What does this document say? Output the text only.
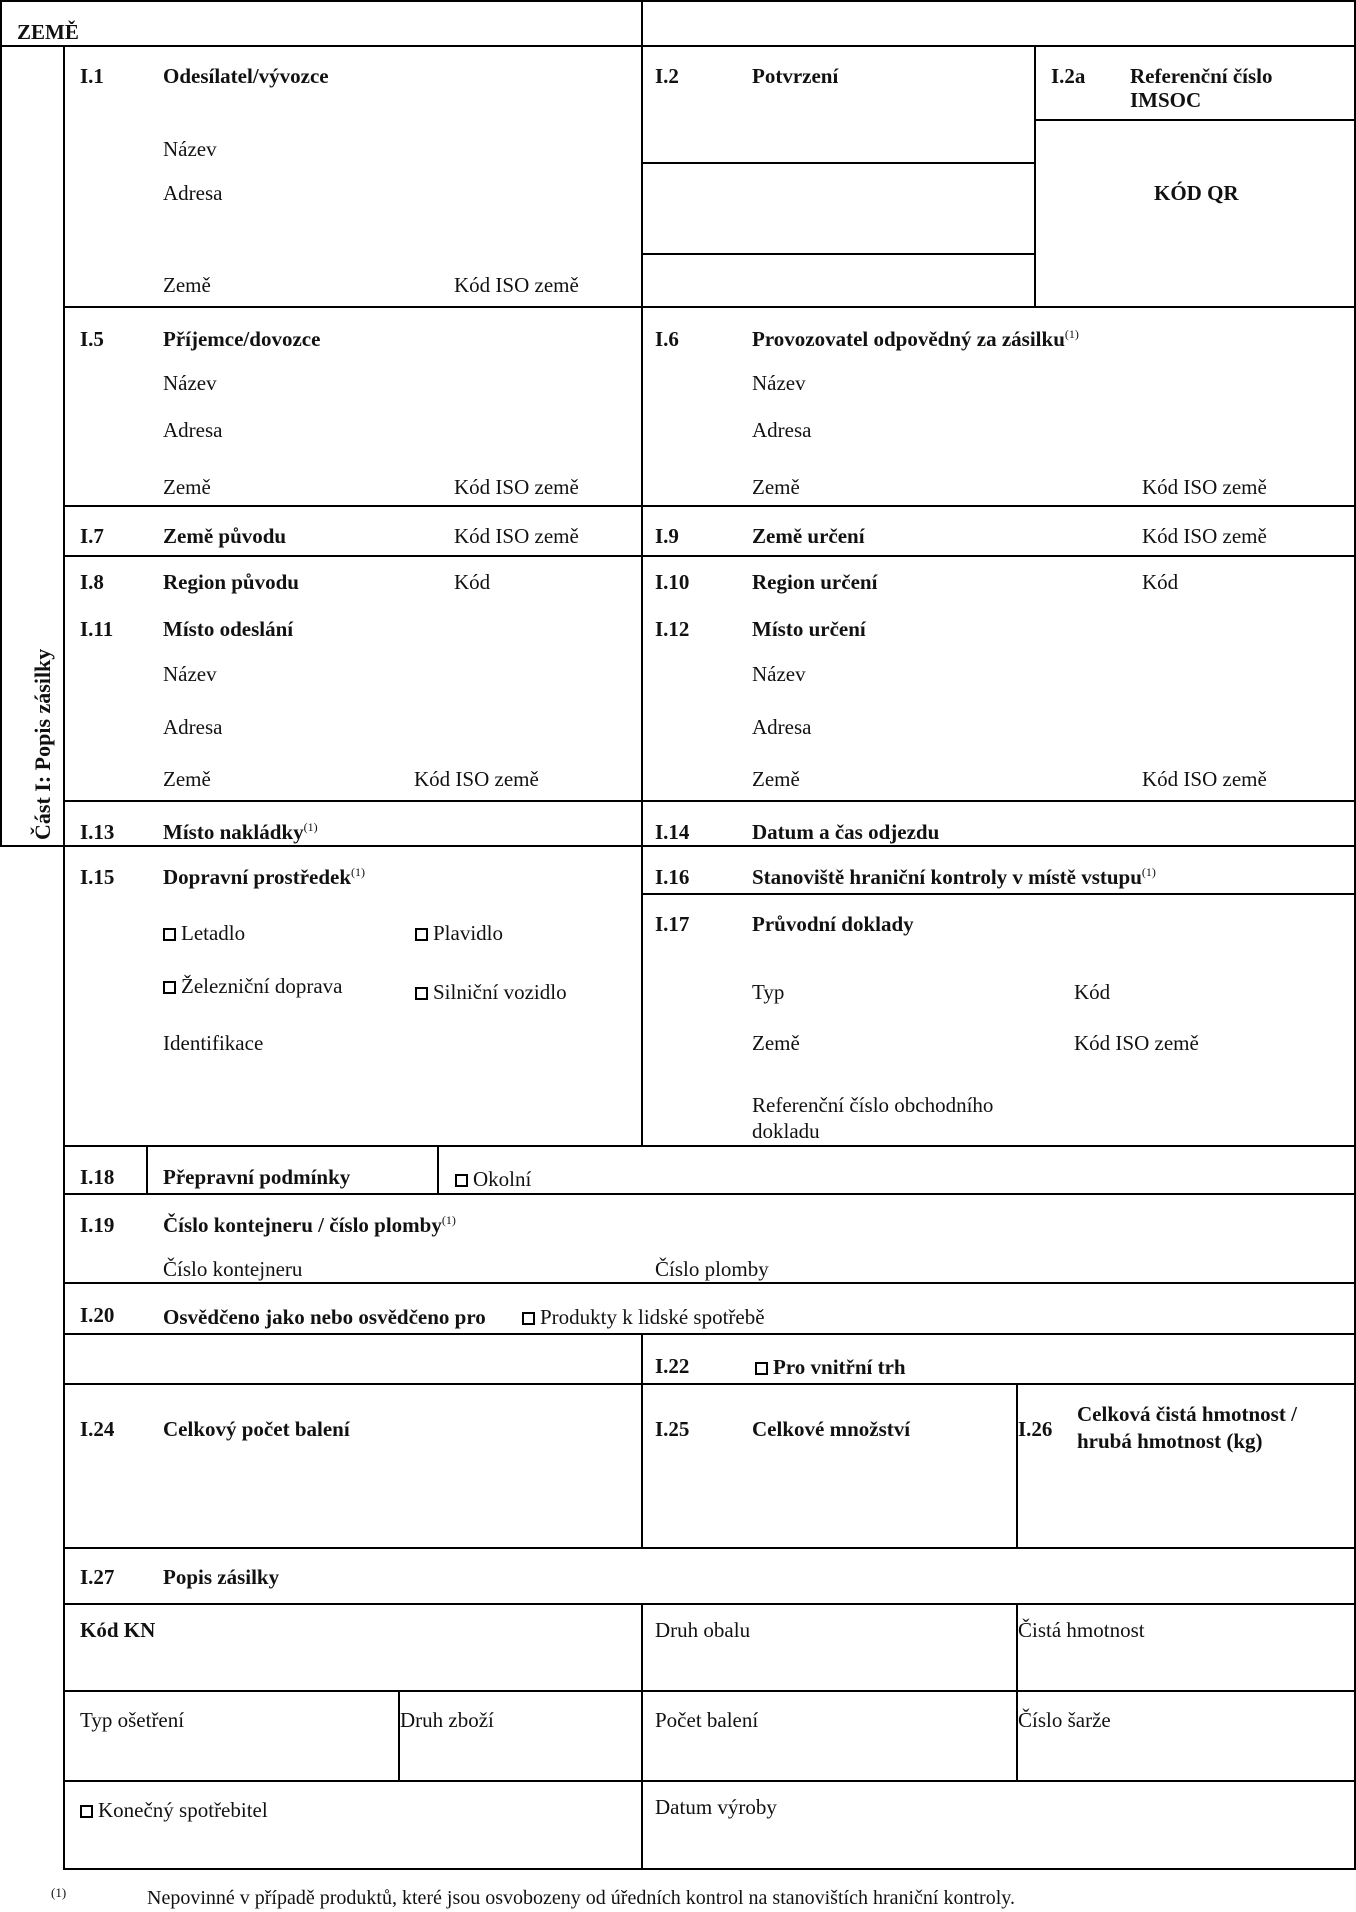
ZEMĚ
Část I: Popis zásilky
I.1	Odesílatel/vývozce
Název
Adresa
Země	Kód ISO země
I.2	Potvrzení	I.2a Referenční číslo IMSOC
KÓD QR
I.5	Příjemce/dovozce
Název
Adresa
Země	Kód ISO země
I.6	Provozovatel odpovědný za zásilku$^{(1)}$
Název
Adresa
Země	Kód ISO země
I.7	Země původu	Kód ISO země	I.9	Země určení	Kód ISO země
I.8	Region původu	Kód	I.10	Region určení	Kód
I.11 Místo odeslání
Název
Adresa
Země	Kód ISO země
I.12	Místo určení
Název
Adresa
Země	Kód ISO země
I.13 Místo nakládky$^{(1)}$	I.14	Datum a čas odjezdu
I.15 Dopravní prostředek$^{(1)}$
Letadlo	Plavidlo
Železniční doprava	Silniční vozidlo
Identifikace
I.16	Stanoviště hraniční kontroly v místě vstupu$^{(1)}$
I.17	Průvodní doklady
Typ	Kód
Země	Kód ISO země
Referenční číslo obchodního
dokladu
I.18 Přepravní podmínky	Okolní
I.19 Číslo kontejneru / číslo plomby$^{(1)}$
Číslo kontejneru	Číslo plomby
I.20 Osvědčeno jako nebo osvědčeno pro	Produkty k lidské spotřebě
I.22	Pro vnitřní trh
I.24 Celkový počet balení	I.25	Celkové množství	I.26
Celková čistá hmotnost /
hrubá hmotnost (kg)
I.27 Popis zásilky
Kód KN	Druh obalu	Čistá hmotnost
Typ ošetření	Druh zboží	Počet balení	Číslo šarže
Konečný spotřebitel	Datum výroby
(1)	Nepovinné v případě produktů, které jsou osvobozeny od úředních kontrol na stanovištích hraniční kontroly.
